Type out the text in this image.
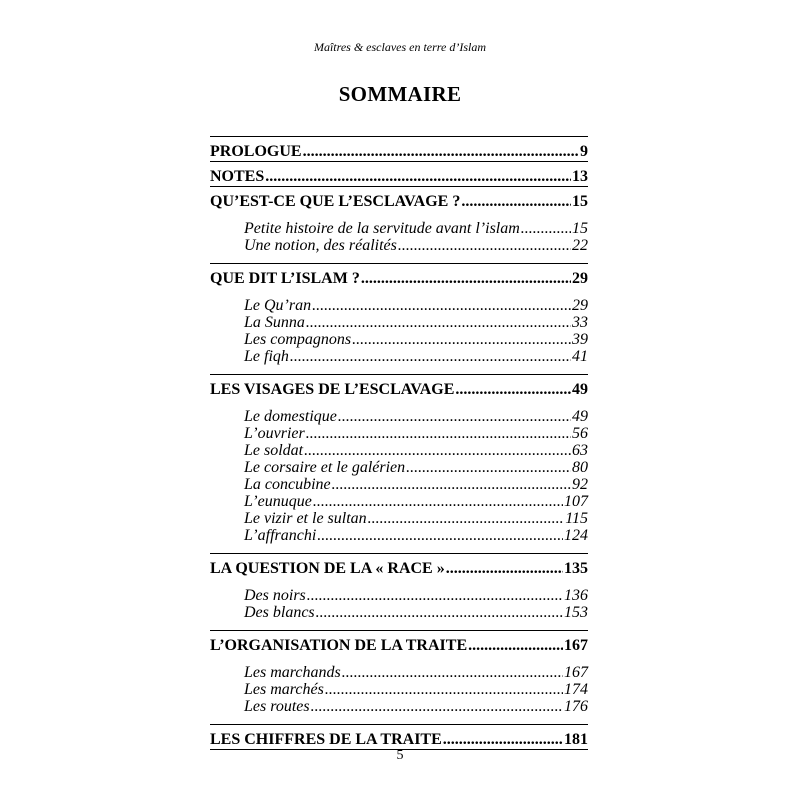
Maîtres & esclaves en terre d’Islam
SOMMAIRE
PROLOGUE .....	9
NOTES .....	13
QU’EST-CE QUE L’ESCLAVAGE ? .....	15
Petite histoire de la servitude avant l’islam .....	15
Une notion, des réalités .....	22
QUE DIT L’ISLAM ? .....	29
Le Qu’ran .....	29
La Sunna .....	33
Les compagnons .....	39
Le fiqh .....	41
LES VISAGES DE L’ESCLAVAGE .....	49
Le domestique .....	49
L’ouvrier .....	56
Le soldat .....	63
Le corsaire et le galérien .....	80
La concubine .....	92
L’eunuque .....	107
Le vizir et le sultan .....	115
L’affranchi .....	124
LA QUESTION DE LA « RACE » .....	135
Des noirs .....	136
Des blancs .....	153
L’ORGANISATION DE LA TRAITE .....	167
Les marchands .....	167
Les marchés .....	174
Les routes .....	176
LES CHIFFRES DE LA TRAITE .....	181
5
